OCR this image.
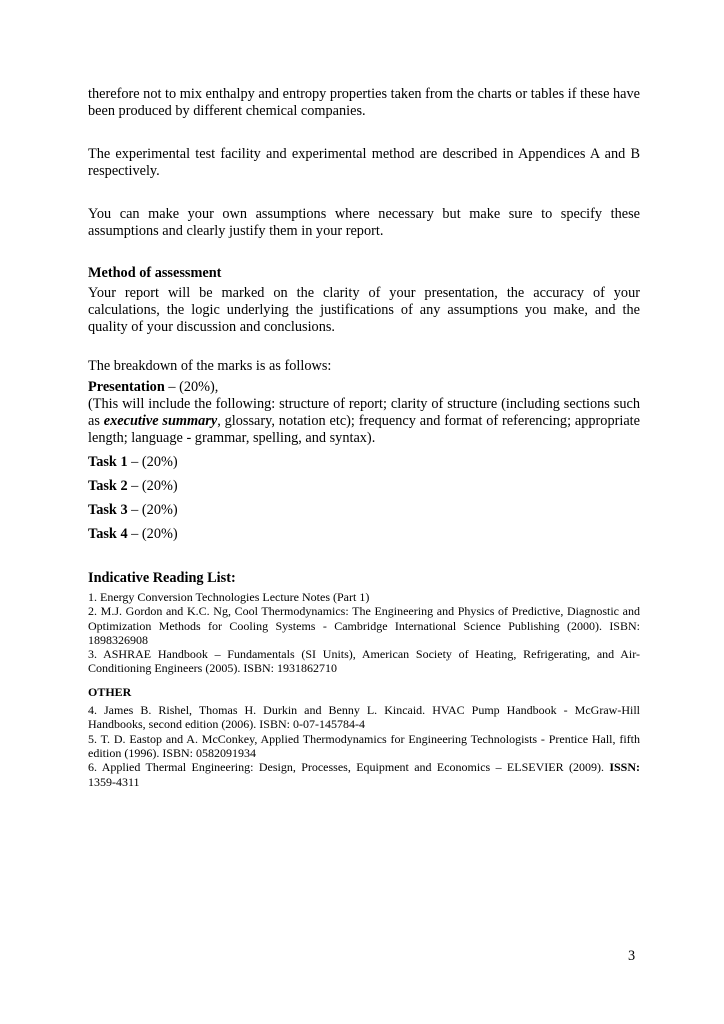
therefore not to mix enthalpy and entropy properties taken from the charts or tables if these have been produced by different chemical companies.

The experimental test facility and experimental method are described in Appendices A and B respectively.

You can make your own assumptions where necessary but make sure to specify these assumptions and clearly justify them in your report.

Method of assessment

Your report will be marked on the clarity of your presentation, the accuracy of your calculations, the logic underlying the justifications of any assumptions you make, and the quality of your discussion and conclusions.

The breakdown of the marks is as follows:

Presentation – (20%),

(This will include the following: structure of report; clarity of structure (including sections such as executive summary, glossary, notation etc); frequency and format of referencing; appropriate length; language - grammar, spelling, and syntax).

Task 1 – (20%)

Task 2 – (20%)

Task 3 – (20%)

Task 4 – (20%)

Indicative Reading List:

1. Energy Conversion Technologies Lecture Notes (Part 1)

2. M.J. Gordon and K.C. Ng, Cool Thermodynamics: The Engineering and Physics of Predictive, Diagnostic and Optimization Methods for Cooling Systems - Cambridge International Science Publishing (2000). ISBN: 1898326908

3. ASHRAE Handbook – Fundamentals (SI Units), American Society of Heating, Refrigerating, and Air-Conditioning Engineers (2005). ISBN: 1931862710

OTHER

4. James B. Rishel, Thomas H. Durkin and Benny L. Kincaid. HVAC Pump Handbook - McGraw-Hill Handbooks, second edition (2006). ISBN: 0-07-145784-4

5. T. D. Eastop and A. McConkey, Applied Thermodynamics for Engineering Technologists - Prentice Hall, fifth edition (1996). ISBN: 0582091934

6. Applied Thermal Engineering: Design, Processes, Equipment and Economics – ELSEVIER (2009). ISSN: 1359-4311

3
